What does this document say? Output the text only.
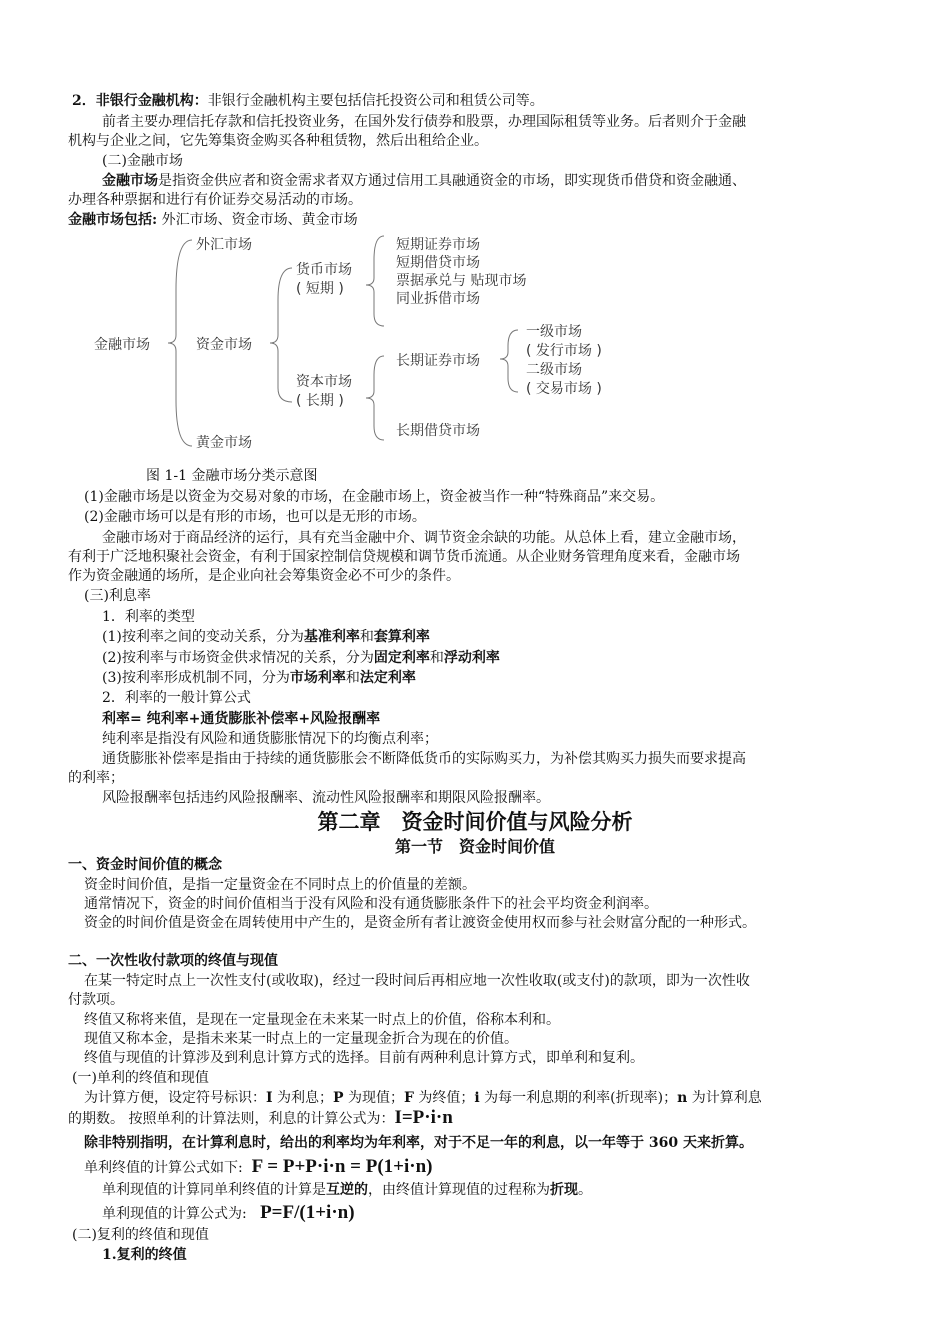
2．非银行金融机构：非银行金融机构主要包括信托投资公司和租赁公司等。
前者主要办理信托存款和信托投资业务，在国外发行债券和股票，办理国际租赁等业务。后者则介于金融
机构与企业之间，它先筹集资金购买各种租赁物，然后出租给企业。
(二)金融市场
金融市场是指资金供应者和资金需求者双方通过信用工具融通资金的市场，即实现货币借贷和资金融通、
办理各种票据和进行有价证券交易活动的市场。
金融市场包括: 外汇市场、资金市场、黄金市场
金融市场
外汇市场
资金市场
黄金市场
货币市场
( 短期 )
资本市场
( 长期 )
短期证券市场
短期借贷市场
票据承兑与 贴现市场
同业拆借市场
长期证券市场
长期借贷市场
一级市场
( 发行市场 )
二级市场
( 交易市场 )
图 1-1 金融市场分类示意图
(1)金融市场是以资金为交易对象的市场，在金融市场上，资金被当作一种“特殊商品”来交易。
(2)金融市场可以是有形的市场，也可以是无形的市场。
金融市场对于商品经济的运行，具有充当金融中介、调节资金余缺的功能。从总体上看，建立金融市场，
有利于广泛地积聚社会资金，有利于国家控制信贷规模和调节货币流通。从企业财务管理角度来看，金融市场
作为资金融通的场所，是企业向社会筹集资金必不可少的条件。
(三)利息率
1．利率的类型
(1)按利率之间的变动关系，分为基准利率和套算利率
(2)按利率与市场资金供求情况的关系，分为固定利率和浮动利率
(3)按利率形成机制不同，分为市场利率和法定利率
2．利率的一般计算公式
利率= 纯利率+通货膨胀补偿率+风险报酬率
纯利率是指没有风险和通货膨胀情况下的均衡点利率；
通货膨胀补偿率是指由于持续的通货膨胀会不断降低货币的实际购买力，为补偿其购买力损失而要求提高
的利率；
风险报酬率包括违约风险报酬率、流动性风险报酬率和期限风险报酬率。
第二章　资金时间价值与风险分析
第一节　资金时间价值
一、资金时间价值的概念
资金时间价值，是指一定量资金在不同时点上的价值量的差额。
通常情况下，资金的时间价值相当于没有风险和没有通货膨胀条件下的社会平均资金利润率。
资金的时间价值是资金在周转使用中产生的，是资金所有者让渡资金使用权而参与社会财富分配的一种形式。
二、一次性收付款项的终值与现值
在某一特定时点上一次性支付(或收取)，经过一段时间后再相应地一次性收取(或支付)的款项，即为一次性收
付款项。
终值又称将来值，是现在一定量现金在未来某一时点上的价值，俗称本利和。
现值又称本金，是指未来某一时点上的一定量现金折合为现在的价值。
终值与现值的计算涉及到利息计算方式的选择。目前有两种利息计算方式，即单利和复利。
(一)单利的终值和现值
为计算方便，设定符号标识：I 为利息；P 为现值；F 为终值；i 为每一利息期的利率(折现率)；n 为计算利息
的期数。 按照单利的计算法则，利息的计算公式为：I=P·i·n
除非特别指明，在计算利息时，给出的利率均为年利率，对于不足一年的利息，以一年等于 360 天来折算。
单利终值的计算公式如下: F = P+P·i·n = P(1+i·n)
单利现值的计算同单利终值的计算是互逆的，由终值计算现值的过程称为折现。
单利现值的计算公式为: P=F/(1+i·n)
(二)复利的终值和现值
1.复利的终值
